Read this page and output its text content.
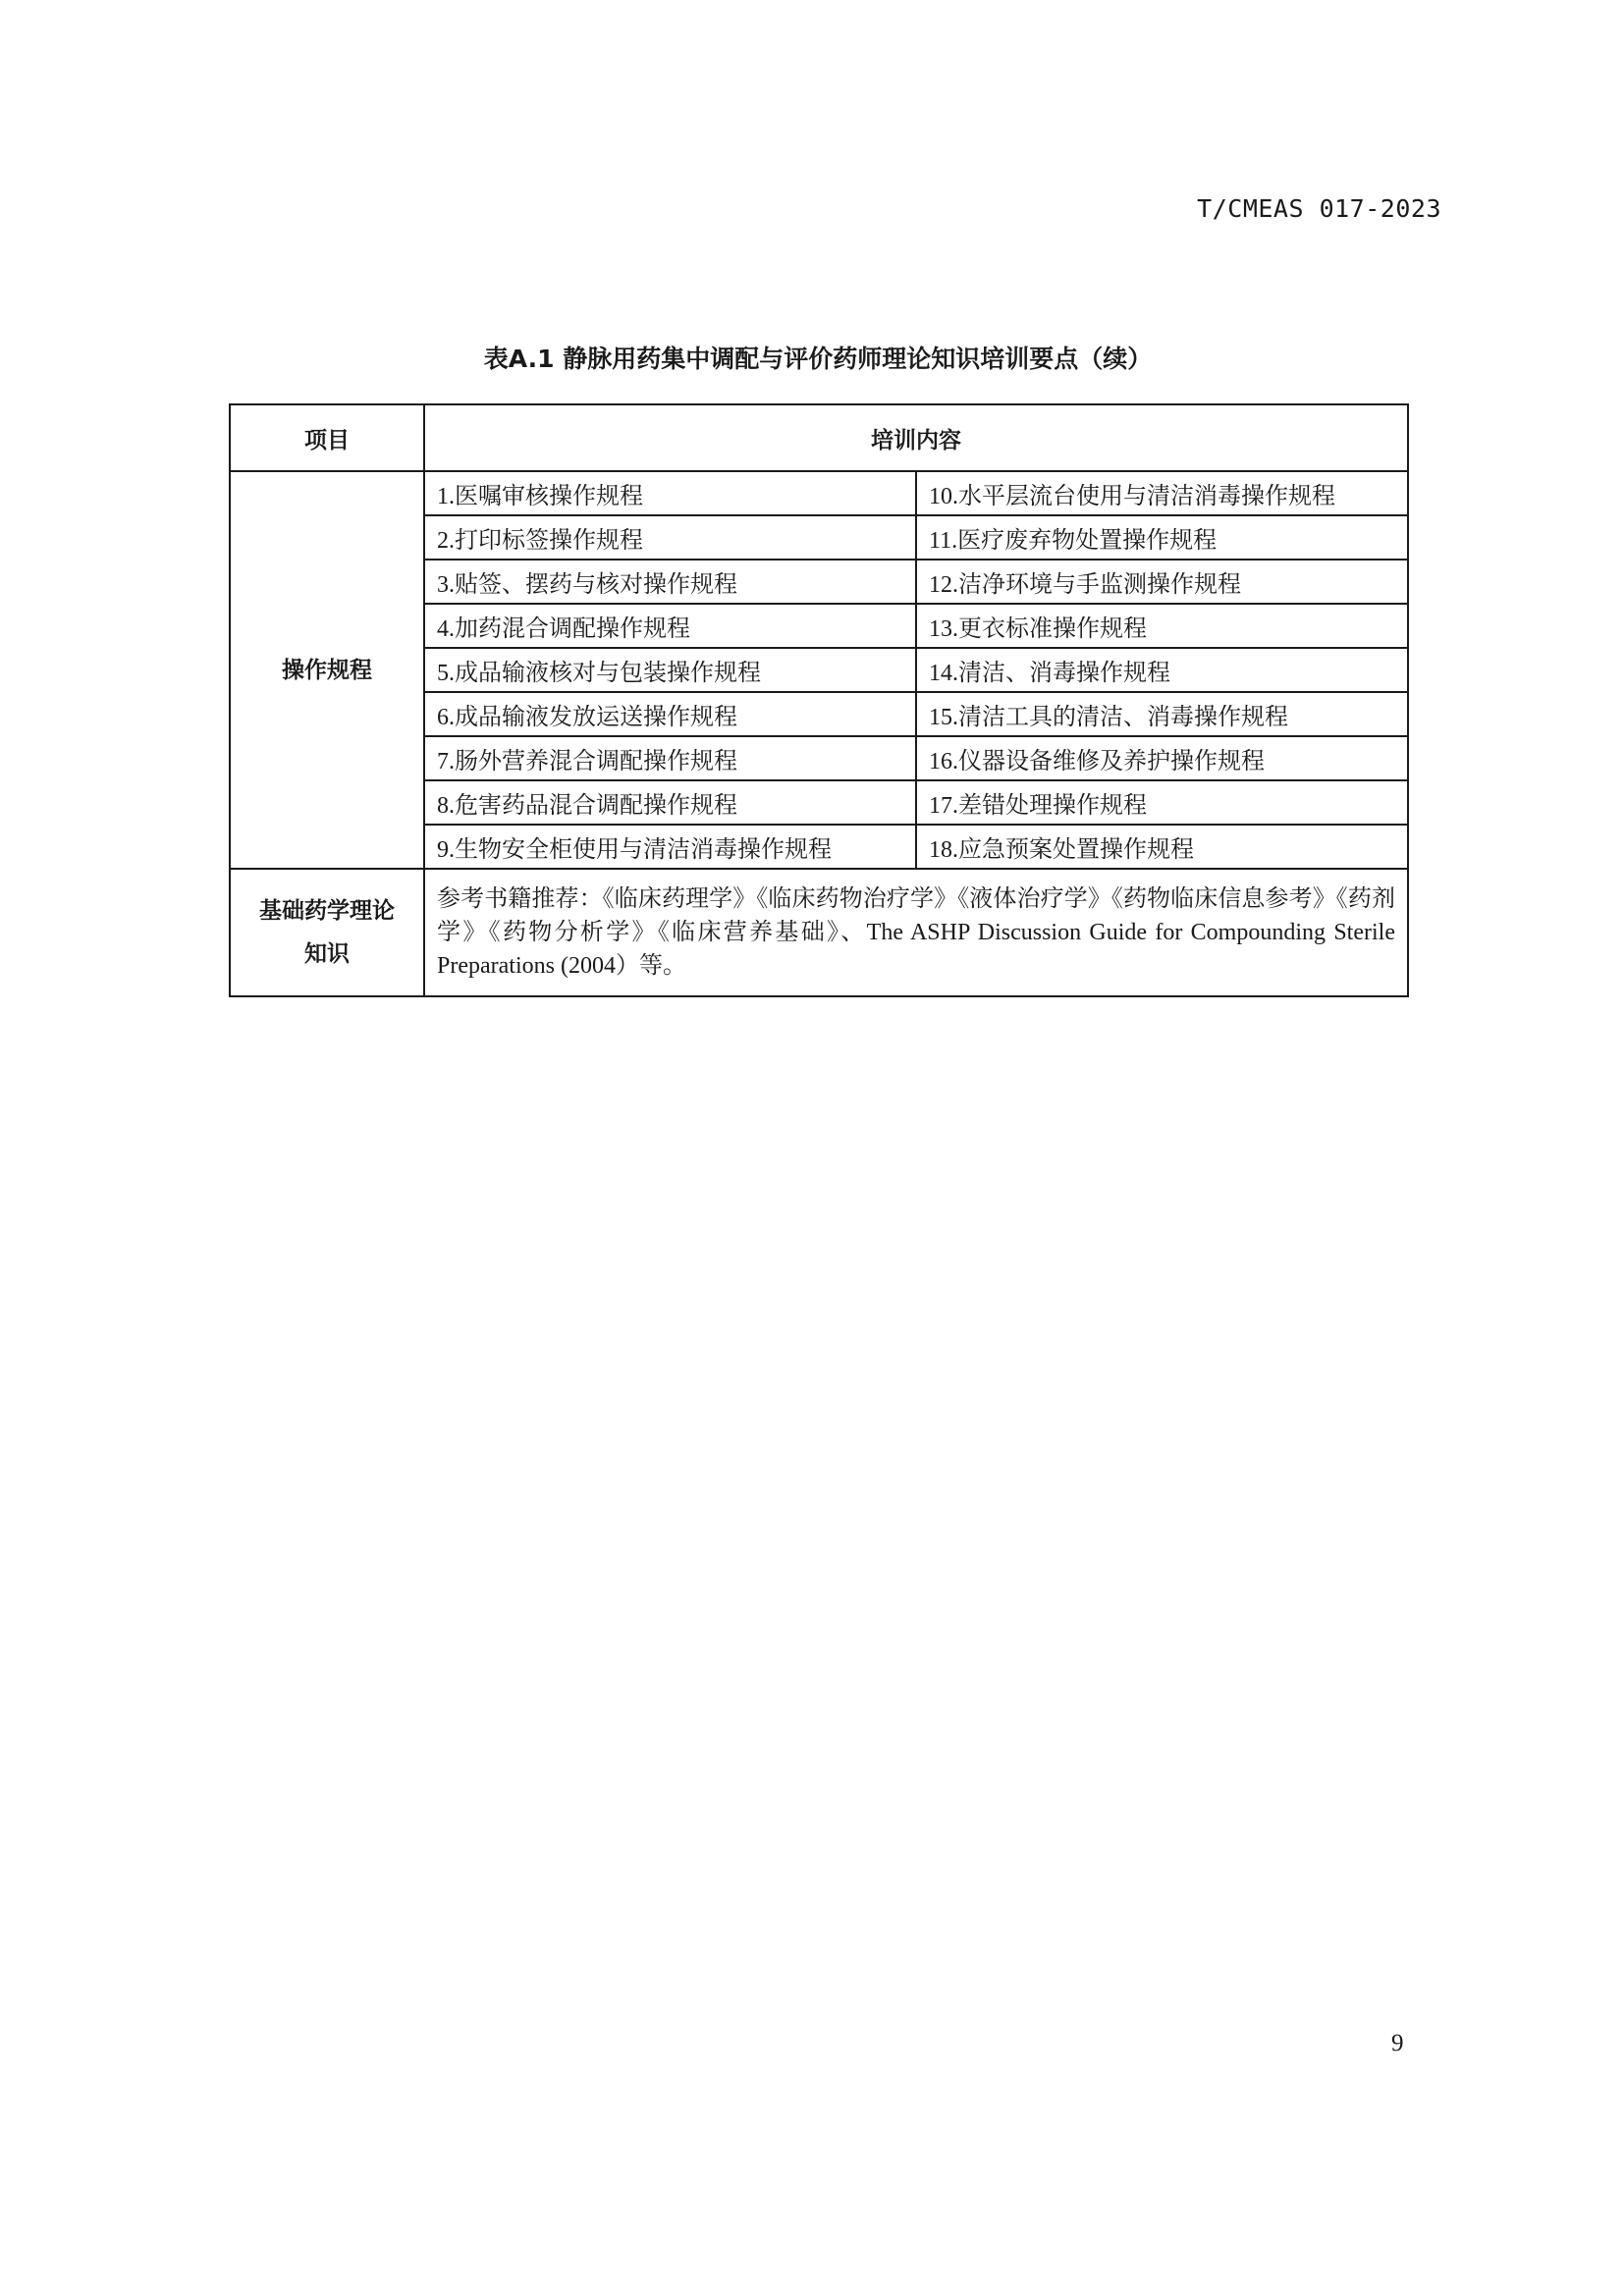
T/CMEAS 017-2023
表A.1 静脉用药集中调配与评价药师理论知识培训要点（续）
项目	培训内容	
操作规程	1.医嘱审核操作规程	10.水平层流台使用与清洁消毒操作规程
	2.打印标签操作规程	11.医疗废弃物处置操作规程
	3.贴签、摆药与核对操作规程	12.洁净环境与手监测操作规程
	4.加药混合调配操作规程	13.更衣标准操作规程
	5.成品输液核对与包装操作规程	14.清洁、消毒操作规程
	6.成品输液发放运送操作规程	15.清洁工具的清洁、消毒操作规程
	7.肠外营养混合调配操作规程	16.仪器设备维修及养护操作规程
	8.危害药品混合调配操作规程	17.差错处理操作规程
	9.生物安全柜使用与清洁消毒操作规程	18.应急预案处置操作规程

基础药学理论
知识	参考书籍推荐：《临床药理学》《临床药物治疗学》《液体治疗学》《药物临床信息参考》《药剂学》《药物分析学》《临床营养基础》、The ASHP Discussion Guide for Compounding Sterile Preparations (2004）等。	
9
